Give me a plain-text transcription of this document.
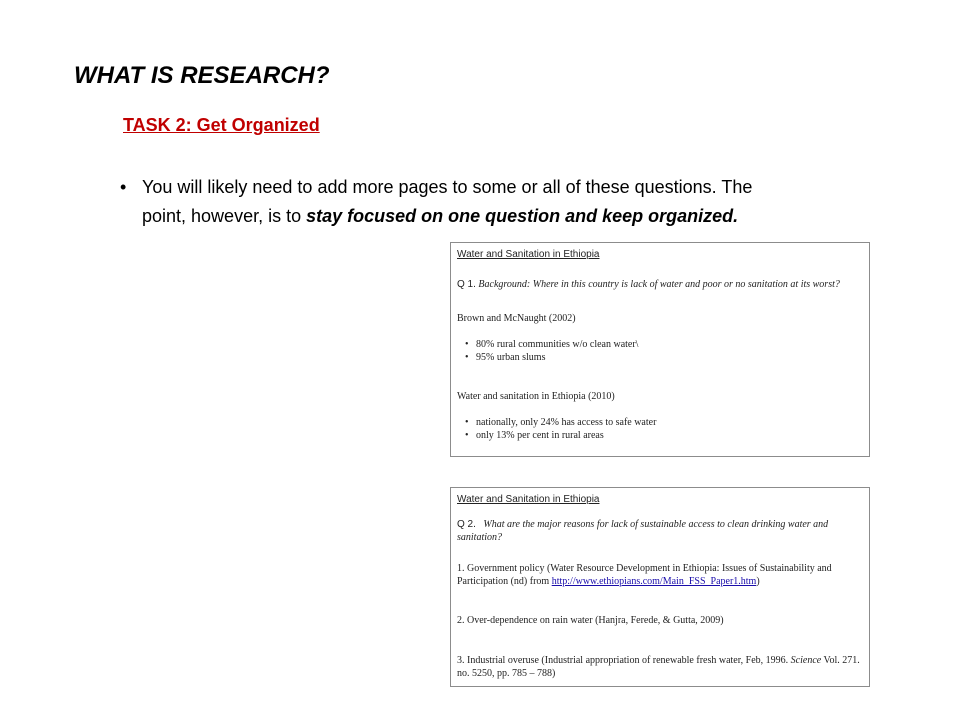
WHAT IS RESEARCH?
TASK 2: Get Organized
• You will likely need to add more pages to some or all of these questions. The point, however, is to stay focused on one question and keep organized.
Water and Sanitation in Ethiopia
Q 1. Background: Where in this country is lack of water and poor or no sanitation at its worst?
Brown and McNaught (2002)
•   80% rural communities w/o clean water\
•   95% urban slums
Water and sanitation in Ethiopia (2010)
•   nationally, only 24% has access to safe water
•   only 13% per cent in rural areas
Water and Sanitation in Ethiopia
Q 2. What are the major reasons for lack of sustainable access to clean drinking water and sanitation?
1. Government policy (Water Resource Development in Ethiopia: Issues of Sustainability and Participation (nd) from http://www.ethiopians.com/Main_FSS_Paper1.htm)
2. Over-dependence on rain water (Hanjra, Ferede, & Gutta, 2009)
3. Industrial overuse (Industrial appropriation of renewable fresh water, Feb, 1996. Science Vol. 271. no. 5250, pp. 785 – 788)
